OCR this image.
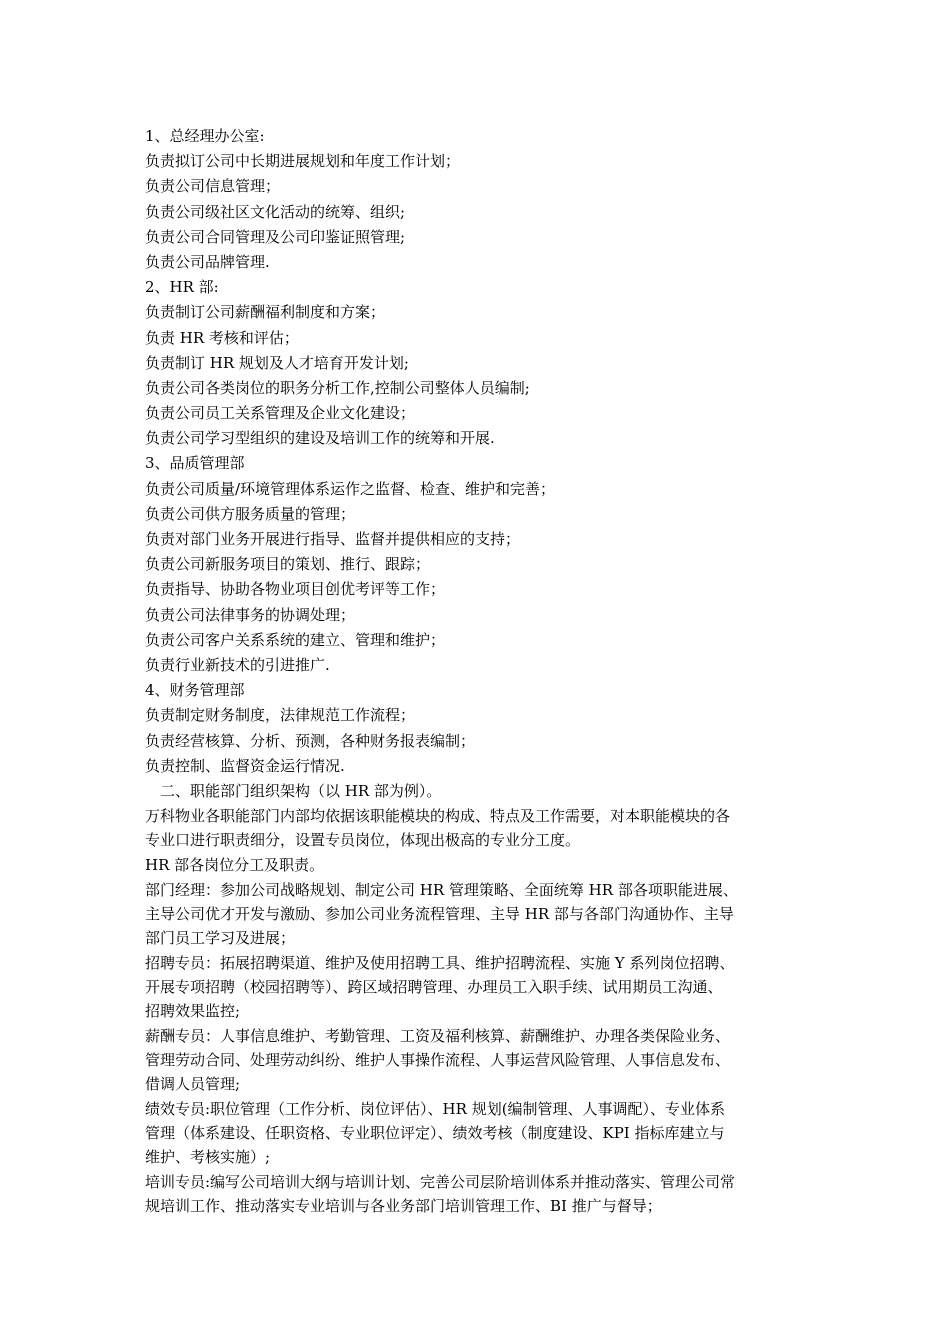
1、总经理办公室:
负责拟订公司中长期进展规划和年度工作计划；
负责公司信息管理；
负责公司级社区文化活动的统筹、组织;
负责公司合同管理及公司印鉴证照管理;
负责公司品牌管理.
2、HR 部:
负责制订公司薪酬福利制度和方案；
负责 HR 考核和评估；
负责制订 HR 规划及人才培育开发计划;
负责公司各类岗位的职务分析工作,控制公司整体人员编制;
负责公司员工关系管理及企业文化建设；
负责公司学习型组织的建设及培训工作的统筹和开展.
3、品质管理部
负责公司质量/环境管理体系运作之监督、检查、维护和完善；
负责公司供方服务质量的管理；
负责对部门业务开展进行指导、监督并提供相应的支持；
负责公司新服务项目的策划、推行、跟踪；
负责指导、协助各物业项目创优考评等工作；
负责公司法律事务的协调处理；
负责公司客户关系系统的建立、管理和维护；
负责行业新技术的引进推广.
4、财务管理部
负责制定财务制度，法律规范工作流程；
负责经营核算、分析、预测，各种财务报表编制；
负责控制、监督资金运行情况.
二、职能部门组织架构（以 HR 部为例）。
万科物业各职能部门内部均依据该职能模块的构成、特点及工作需要，对本职能模块的各
专业口进行职责细分，设置专员岗位，体现出极高的专业分工度。
HR 部各岗位分工及职责。
部门经理：参加公司战略规划、制定公司 HR 管理策略、全面统筹 HR 部各项职能进展、
主导公司优才开发与激励、参加公司业务流程管理、主导 HR 部与各部门沟通协作、主导
部门员工学习及进展；
招聘专员：拓展招聘渠道、维护及使用招聘工具、维护招聘流程、实施 Y 系列岗位招聘、
开展专项招聘（校园招聘等）、跨区域招聘管理、办理员工入职手续、试用期员工沟通、
招聘效果监控;
薪酬专员：人事信息维护、考勤管理、工资及福利核算、薪酬维护、办理各类保险业务、
管理劳动合同、处理劳动纠纷、维护人事操作流程、人事运营风险管理、人事信息发布、
借调人员管理;
绩效专员:职位管理（工作分析、岗位评估）、HR 规划(编制管理、人事调配）、专业体系
管理（体系建设、任职资格、专业职位评定）、绩效考核（制度建设、KPI 指标库建立与
维护、考核实施）;
培训专员:编写公司培训大纲与培训计划、完善公司层阶培训体系并推动落实、管理公司常
规培训工作、推动落实专业培训与各业务部门培训管理工作、BI 推广与督导；
